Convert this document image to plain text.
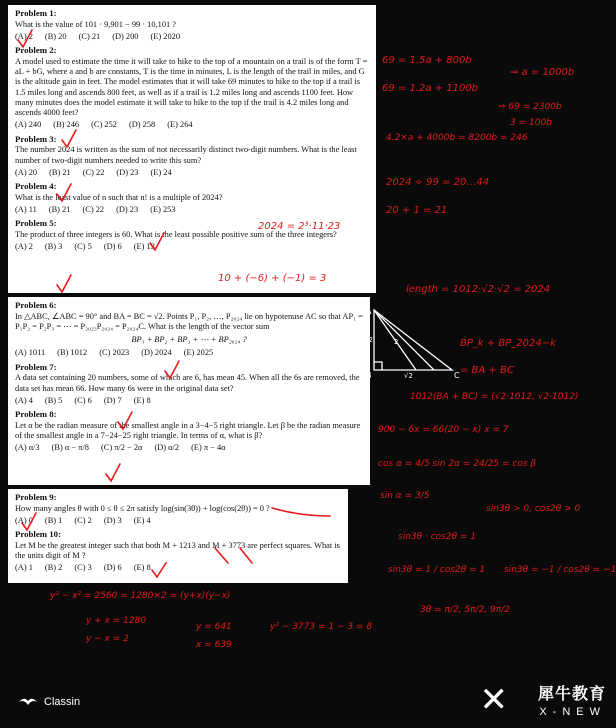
Problem 1:
What is the value of 101 · 9,901 − 99 · 10,101 ?
(A) 2 (B) 20 (C) 21 (D) 200 (E) 2020
Problem 2:
A model used to estimate the time it will take to hike to the top of a mountain on a trail is of the form T = aL + bG, where a and b are constants, T is the time in minutes, L is the length of the trail in miles, and G is the altitude gain in feet. The model estimates that it will take 69 minutes to hike to the top if a trail is 1.5 miles long and ascends 800 feet, as well as if a trail is 1.2 miles long and ascends 1100 feet. How many minutes does the model estimate it will take to hike to the top if the trail is 4.2 miles long and ascends 4000 feet?
(A) 240 (B) 246 (C) 252 (D) 258 (E) 264
Problem 3:
The number 2024 is written as the sum of not necessarily distinct two-digit numbers. What is the least number of two-digit numbers needed to write this sum?
(A) 20 (B) 21 (C) 22 (D) 23 (E) 24
Problem 4:
What is the least value of n such that n! is a multiple of 2024?
(A) 11 (B) 21 (C) 22 (D) 23 (E) 253
Problem 5:
The product of three integers is 60. What is the least possible positive sum of the three integers?
(A) 2 (B) 3 (C) 5 (D) 6 (E) 13
Problem 6:
In △ABC, ∠ABC = 90° and BA = BC = √2. Points P₁, P₂, …, P₂₀₂₄ lie on hypotenuse AC so that AP₁ = P₁P₂ = P₂P₃ = ⋯ = P₂₀₂₃P₂₀₂₄ = P₂₀₂₄C. What is the length of the vector sum
BP₁ + BP₂ + BP₃ + ⋯ + BP₂₀₂₄ ?
(A) 1011 (B) 1012 (C) 2023 (D) 2024 (E) 2025
Problem 7:
A data set containing 20 numbers, some of which are 6, has mean 45. When all the 6s are removed, the data set has mean 66. How many 6s were in the original data set?
(A) 4 (B) 5 (C) 6 (D) 7 (E) 8
Problem 8:
Let α be the radian measure of the smallest angle in a 3−4−5 right triangle. Let β be the radian measure of the smallest angle in a 7−24−25 right triangle. In terms of α, what is β?
(A) α/3 (B) α − π/8 (C) π/2 − 2α (D) α/2 (E) π − 4α
Problem 9:
How many angles θ with 0 ≤ θ ≤ 2π satisfy log(sin(3θ)) + log(cos(2θ)) = 0 ?
(A) 0 (B) 1 (C) 2 (D) 3 (E) 4
Problem 10:
Let M be the greatest integer such that both M + 1213 and M + 3773 are perfect squares. What is the units digit of M ?
(A) 1 (B) 2 (C) 3 (D) 6 (E) 8
69 = 1.5a + 800b
69 = 1.2a + 1100b
⇒ a = 1000b
⇒ 69 = 2300b
3 = 100b
4.2×a + 4000b = 8200b = 246
2024 ÷ 99 = 20…44
20 + 1 = 21
2024 = 2³·11·23
10 + (−6) + (−1) = 3
length = 1012·√2·√2 = 2024
BP_k + BP_2024−k
= BA + BC
1012(BA + BC) = (√2·1012, √2·1012)
900 − 6x = 66(20 − x) x = 7
cos α = 4/5 sin 2α = 24/25 = cos β
sin α = 3/5
sin3θ > 0, cos2θ > 0
sin3θ · cos2θ = 1
sin3θ = 1 / cos2θ = 1 sin3θ = −1 / cos2θ = −1
3θ = π/2, 5π/2, 9π/2
y² − x² = 2560 = 1280×2 = (y+x)(y−x)
y + x = 1280
y − x = 2
y = 641
x = 639
y² − 3773 = 1 − 3 = 8
A
B	C
√2
√2
2
Classin	✕ 犀牛教育
X-NEW
